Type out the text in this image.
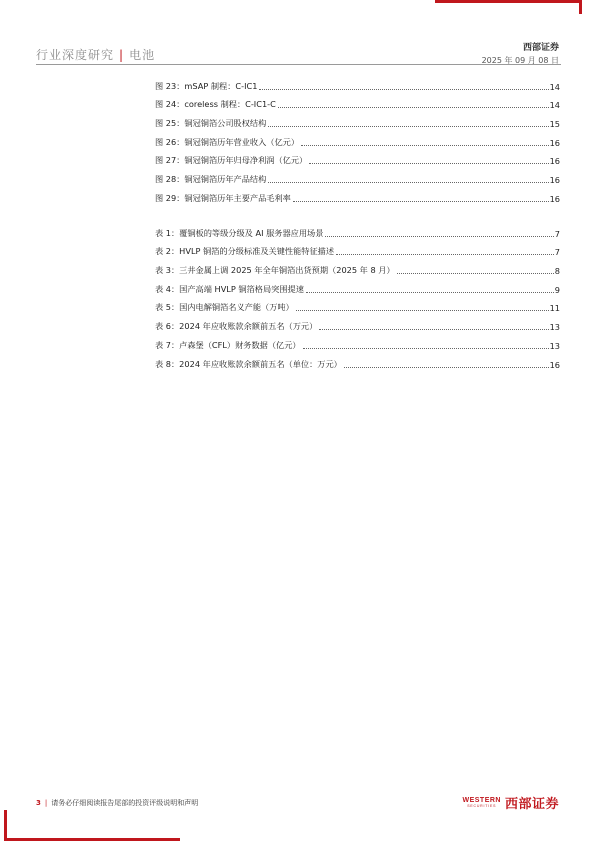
行业深度研究 | 电池	西部证券
2025 年 09 月 08 日
图 23：mSAP 制程：C-IC1	14
图 24：coreless 制程：C-IC1-C	14
图 25：铜冠铜箔公司股权结构	15
图 26：铜冠铜箔历年营业收入（亿元）	16
图 27：铜冠铜箔历年归母净利润（亿元）	16
图 28：铜冠铜箔历年产品结构	16
图 29：铜冠铜箔历年主要产品毛利率	16
表 1：覆铜板的等级分级及 AI 服务器应用场景	7
表 2：HVLP 铜箔的分级标准及关键性能特征描述	7
表 3：三井金属上调 2025 年全年铜箔出货预期（2025 年 8 月）	8
表 4：国产高端 HVLP 铜箔格局突围提速	9
表 5：国内电解铜箔名义产能（万吨）	11
表 6：2024 年应收账款余额前五名（万元）	13
表 7：卢森堡（CFL）财务数据（亿元）	13
表 8：2024 年应收账款余额前五名（单位：万元）	16
3 | 请务必仔细阅读报告尾部的投资评级说明和声明	WESTERN
SECURITIES 西部证券
